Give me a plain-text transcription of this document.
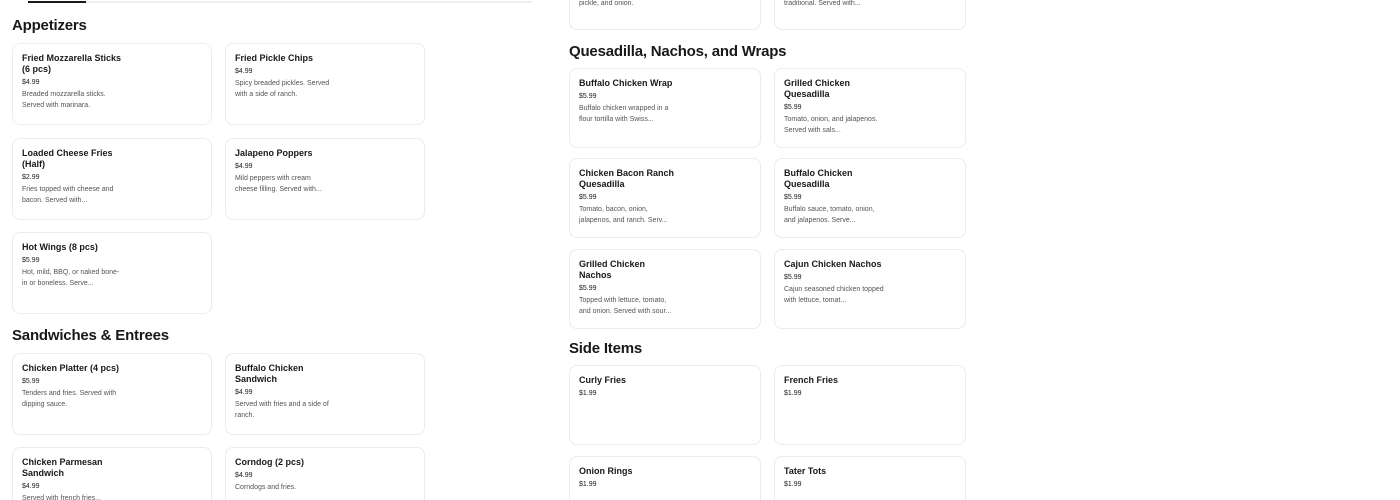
pickle, and onion.	traditional. Served with...
Appetizers
Fried Mozzarella Sticks (6 pcs)
$4.99
Breaded mozzarella sticks. Served with marinara.
Fried Pickle Chips
$4.99
Spicy breaded pickles. Served with a side of ranch.
Loaded Cheese Fries (Half)
$2.99
Fries topped with cheese and bacon. Served with...
Jalapeno Poppers
$4.99
Mild peppers with cream cheese filling. Served with...
Hot Wings (8 pcs)
$5.99
Hot, mild, BBQ, or naked bone-in or boneless. Serve...
Sandwiches & Entrees
Chicken Platter (4 pcs)
$5.99
Tenders and fries. Served with dipping sauce.
Buffalo Chicken Sandwich
$4.99
Served with fries and a side of ranch.
Chicken Parmesan Sandwich
$4.99
Served with french fries...
Corndog (2 pcs)
$4.99
Corndogs and fries.
Quesadilla, Nachos, and Wraps
Buffalo Chicken Wrap
$5.99
Buffalo chicken wrapped in a flour tortilla with Swiss...
Grilled Chicken Quesadilla
$5.99
Tomato, onion, and jalapenos. Served with sals...
Chicken Bacon Ranch Quesadilla
$5.99
Tomato, bacon, onion, jalapenos, and ranch. Serv...
Buffalo Chicken Quesadilla
$5.99
Buffalo sauce, tomato, onion, and jalapenos. Serve...
Grilled Chicken Nachos
$5.99
Topped with lettuce, tomato, and onion. Served with sour...
Cajun Chicken Nachos
$5.99
Cajun seasoned chicken topped with lettuce, tomat...
Side Items
Curly Fries
$1.99
French Fries
$1.99
Onion Rings
$1.99
Tater Tots
$1.99
